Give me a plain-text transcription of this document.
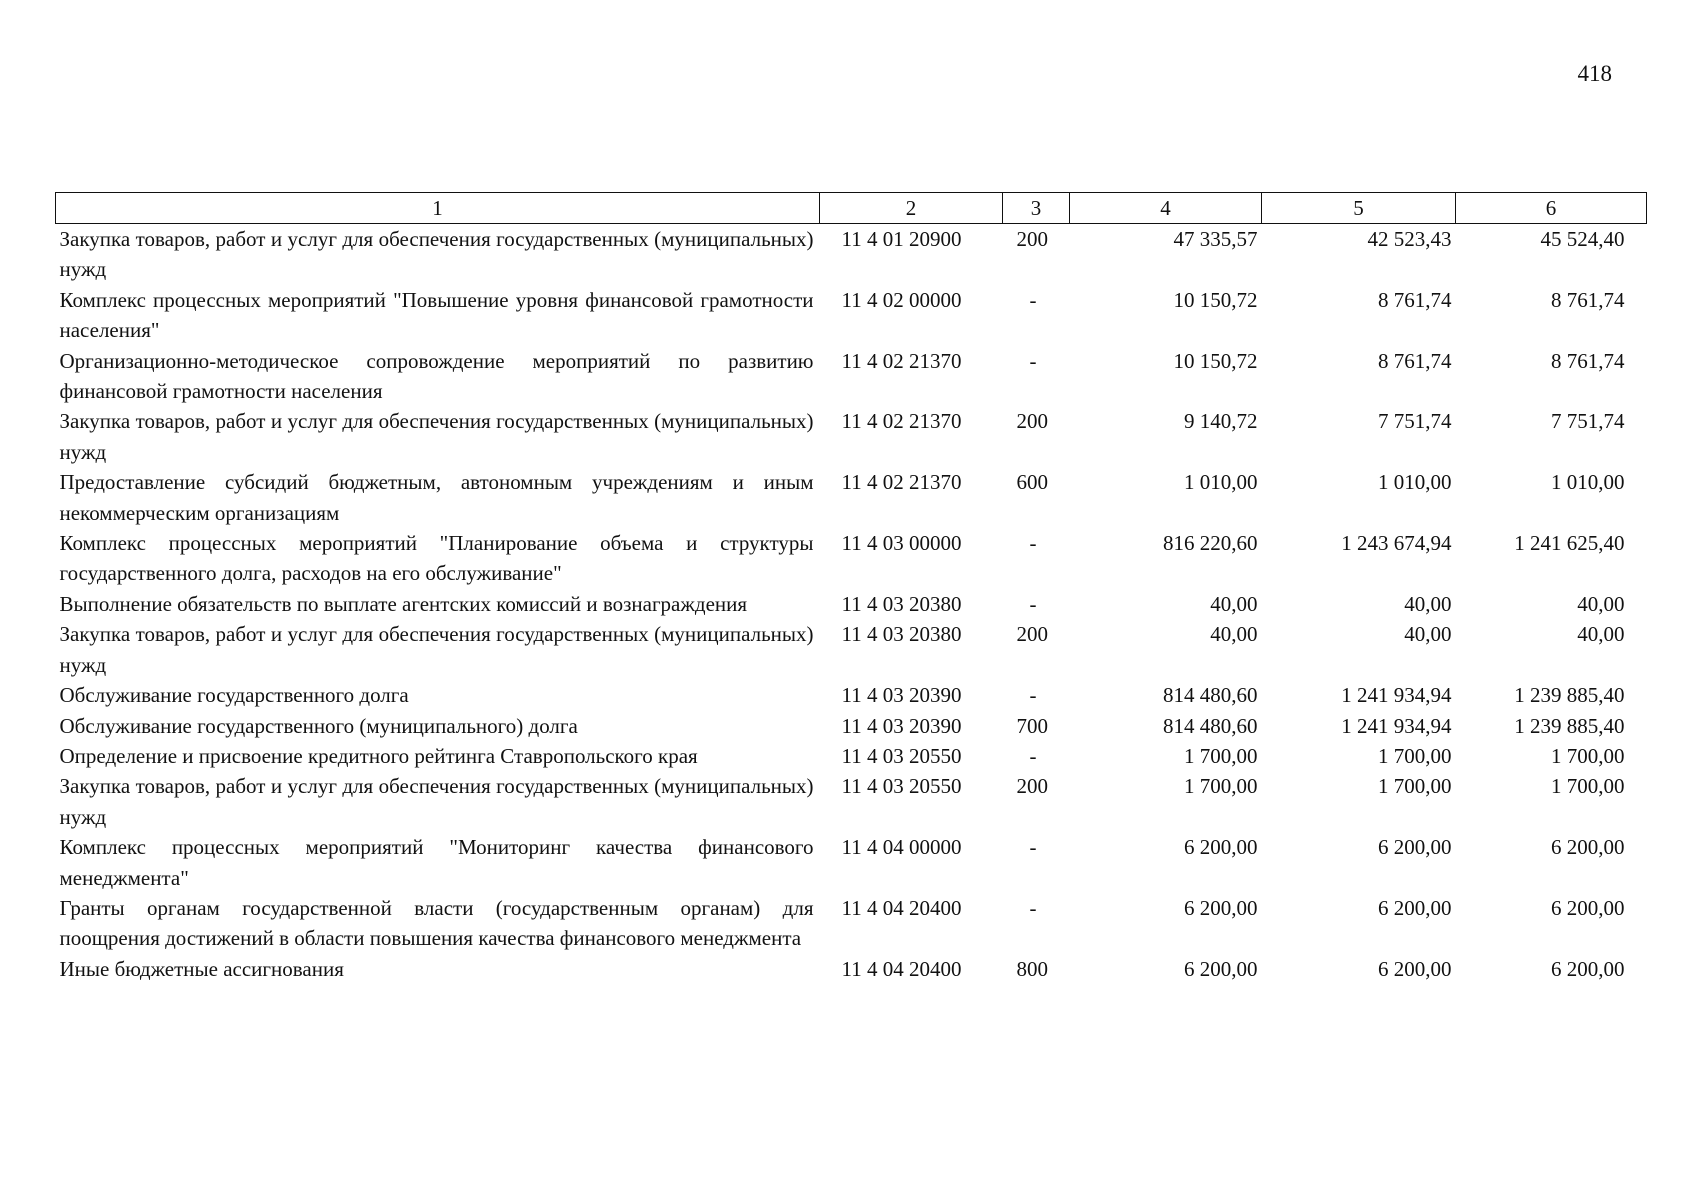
418
1	2	3	4	5	6
Закупка товаров, работ и услуг для обеспечения государственных (муниципальных) нужд	11 4 01 20900	200	47 335,57	42 523,43	45 524,40
Комплекс процессных мероприятий "Повышение уровня финансовой грамотности населения"	11 4 02 00000	-	10 150,72	8 761,74	8 761,74
Организационно-методическое сопровождение мероприятий по развитию финансовой грамотности населения	11 4 02 21370	-	10 150,72	8 761,74	8 761,74
Закупка товаров, работ и услуг для обеспечения государственных (муниципальных) нужд	11 4 02 21370	200	9 140,72	7 751,74	7 751,74
Предоставление субсидий бюджетным, автономным учреждениям и иным некоммерческим организациям	11 4 02 21370	600	1 010,00	1 010,00	1 010,00
Комплекс процессных мероприятий "Планирование объема и структуры государственного долга, расходов на его обслуживание"	11 4 03 00000	-	816 220,60	1 243 674,94	1 241 625,40
Выполнение обязательств по выплате агентских комиссий и вознаграждения	11 4 03 20380	-	40,00	40,00	40,00
Закупка товаров, работ и услуг для обеспечения государственных (муниципальных) нужд	11 4 03 20380	200	40,00	40,00	40,00
Обслуживание государственного долга	11 4 03 20390	-	814 480,60	1 241 934,94	1 239 885,40
Обслуживание государственного (муниципального) долга	11 4 03 20390	700	814 480,60	1 241 934,94	1 239 885,40
Определение и присвоение кредитного рейтинга Ставропольского края	11 4 03 20550	-	1 700,00	1 700,00	1 700,00
Закупка товаров, работ и услуг для обеспечения государственных (муниципальных) нужд	11 4 03 20550	200	1 700,00	1 700,00	1 700,00
Комплекс процессных мероприятий "Мониторинг качества финансового менеджмента"	11 4 04 00000	-	6 200,00	6 200,00	6 200,00
Гранты органам государственной власти (государственным органам) для поощрения достижений в области повышения качества финансового менеджмента	11 4 04 20400	-	6 200,00	6 200,00	6 200,00
Иные бюджетные ассигнования	11 4 04 20400	800	6 200,00	6 200,00	6 200,00
